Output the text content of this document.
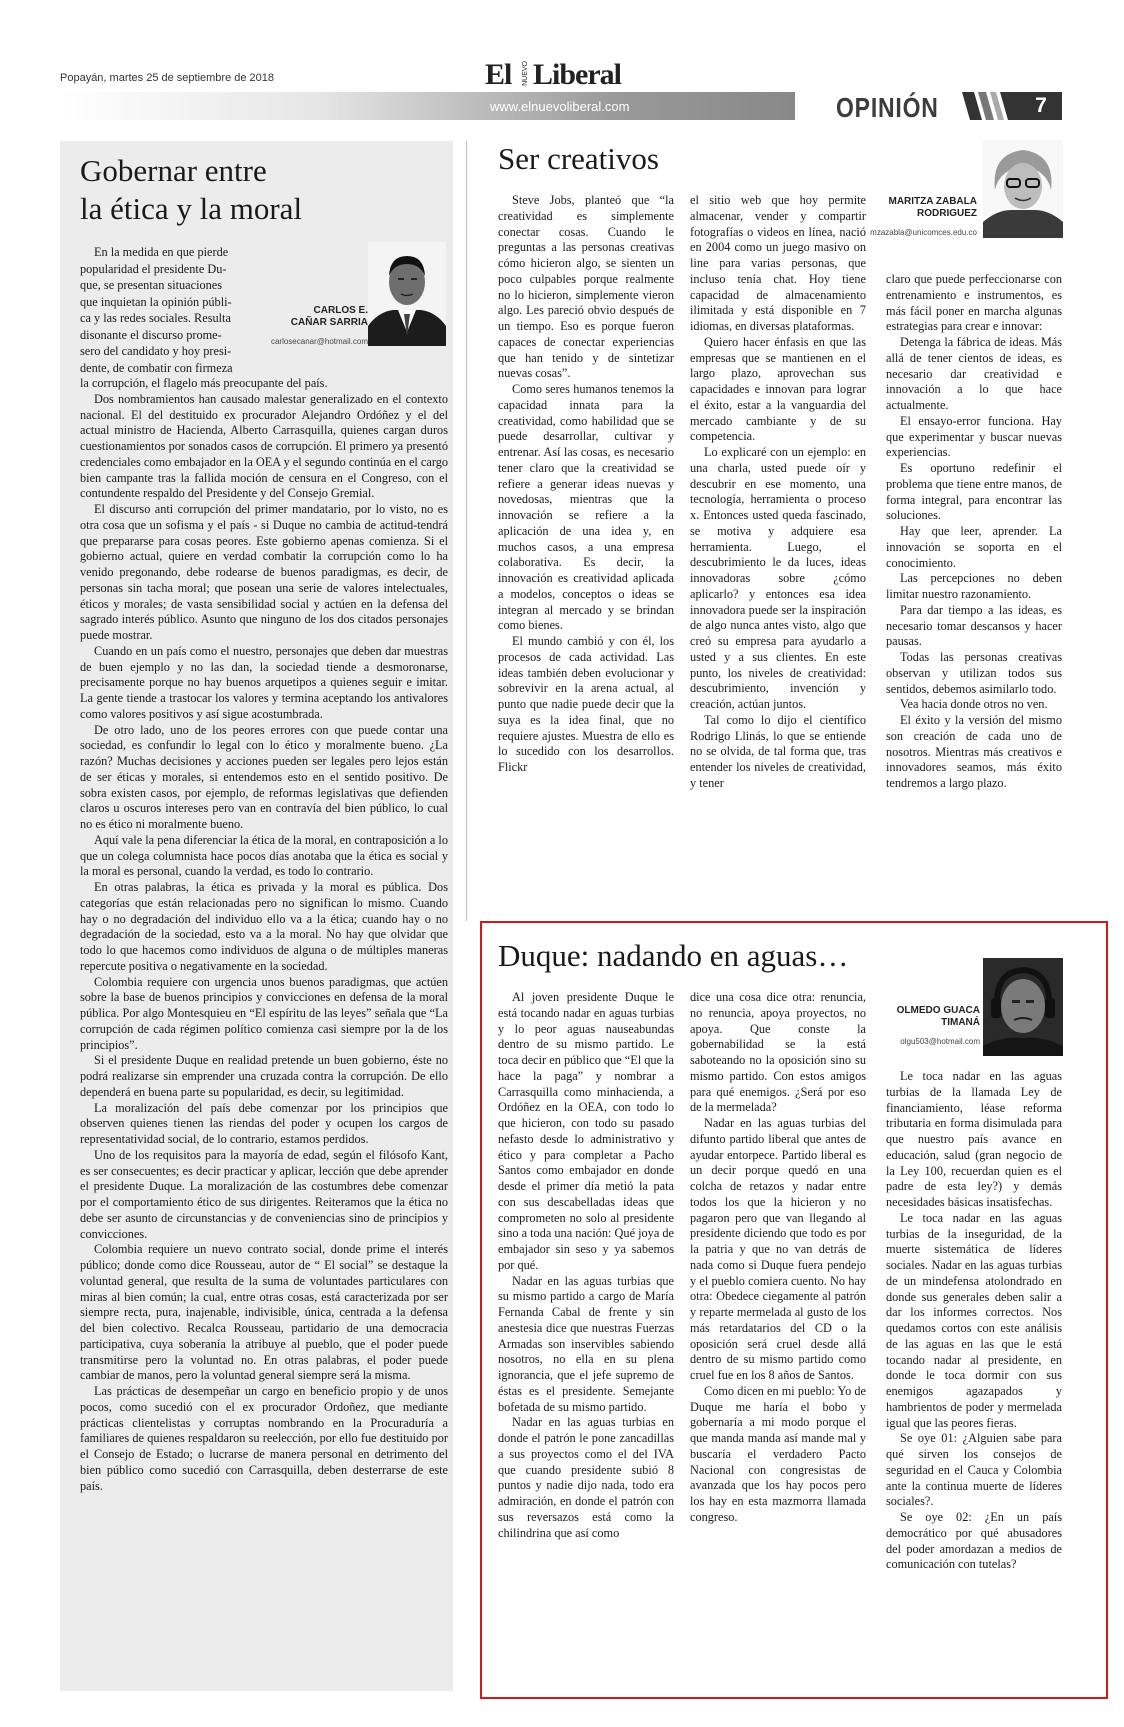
Popayán, martes 25 de septiembre de 2018	El NUEVO Liberal
www.elnuevoliberal.com	OPINIÓN	7
Gobernar entre
la ética y la moral
En la medida en que pierde
popularidad el presidente Du-
que, se presentan situaciones
que inquietan la opinión públi-
ca y las redes sociales. Resulta
disonante el discurso prome-
sero del candidato y hoy presi-
dente, de combatir con firmeza
CARLOS E.
CAÑAR SARRIA
carlosecanar@hotmail.com

la corrupción, el flagelo más preocupante del país.

Dos nombramientos han causado malestar generalizado en el contexto nacional. El del destituido ex procurador Alejandro Ordóñez y el del actual ministro de Hacienda, Alberto Carrasquilla, quienes cargan duros cuestionamientos por sonados casos de corrupción. El primero ya presentó credenciales como embajador en la OEA y el segundo continúa en el cargo bien campante tras la fallida moción de censura en el Congreso, con el contundente respaldo del Presidente y del Consejo Gremial.

El discurso anti corrupción del primer mandatario, por lo visto, no es otra cosa que un sofisma y el país - si Duque no cambia de actitud-tendrá que prepararse para cosas peores. Este gobierno apenas comienza. Si el gobierno actual, quiere en verdad combatir la corrupción como lo ha venido pregonando, debe rodearse de buenos paradigmas, es decir, de personas sin tacha moral; que posean una serie de valores intelectuales, éticos y morales; de vasta sensibilidad social y actúen en la defensa del sagrado interés público. Asunto que ninguno de los dos citados personajes puede mostrar.

Cuando en un país como el nuestro, personajes que deben dar muestras de buen ejemplo y no las dan, la sociedad tiende a desmoronarse, precisamente porque no hay buenos arquetipos a quienes seguir e imitar. La gente tiende a trastocar los valores y termina aceptando los antivalores como valores positivos y así sigue acostumbrada.

De otro lado, uno de los peores errores con que puede contar una sociedad, es confundir lo legal con lo ético y moralmente bueno. ¿La razón? Muchas decisiones y acciones pueden ser legales pero lejos están de ser éticas y morales, si entendemos esto en el sentido positivo. De sobra existen casos, por ejemplo, de reformas legislativas que defienden claros u oscuros intereses pero van en contravía del bien público, lo cual no es ético ni moralmente bueno.

Aquí vale la pena diferenciar la ética de la moral, en contraposición a lo que un colega columnista hace pocos días anotaba que la ética es social y la moral es personal, cuando la verdad, es todo lo contrario.

En otras palabras, la ética es privada y la moral es pública. Dos categorías que están relacionadas pero no significan lo mismo. Cuando hay o no degradación del individuo ello va a la ética; cuando hay o no degradación de la sociedad, esto va a la moral. No hay que olvidar que todo lo que hacemos como individuos de alguna o de múltiples maneras repercute positiva o negativamente en la sociedad.

Colombia requiere con urgencia unos buenos paradigmas, que actúen sobre la base de buenos principios y convicciones en defensa de la moral pública. Por algo Montesquieu en “El espíritu de las leyes” señala que “La corrupción de cada régimen político comienza casi siempre por la de los principios”.

Si el presidente Duque en realidad pretende un buen gobierno, éste no podrá realizarse sin emprender una cruzada contra la corrupción. De ello dependerá en buena parte su popularidad, es decir, su legitimidad.

La moralización del país debe comenzar por los principios que observen quienes tienen las riendas del poder y ocupen los cargos de representatividad social, de lo contrario, estamos perdidos.

Uno de los requisitos para la mayoría de edad, según el filósofo Kant, es ser consecuentes; es decir practicar y aplicar, lección que debe aprender el presidente Duque. La moralización de las costumbres debe comenzar por el comportamiento ético de sus dirigentes. Reiteramos que la ética no debe ser asunto de circunstancias y de conveniencias sino de principios y convicciones.

Colombia requiere un nuevo contrato social, donde prime el interés público; donde como dice Rousseau, autor de “ El social” se destaque la voluntad general, que resulta de la suma de voluntades particulares con miras al bien común; la cual, entre otras cosas, está caracterizada por ser siempre recta, pura, inajenable, indivisible, única, centrada a la defensa del bien colectivo. Recalca Rousseau, partidario de una democracia participativa, cuya soberanía la atribuye al pueblo, que el poder puede transmitirse pero la voluntad no. En otras palabras, el poder puede cambiar de manos, pero la voluntad general siempre será la misma.

Las prácticas de desempeñar un cargo en beneficio propio y de unos pocos, como sucedió con el ex procurador Ordoñez, que mediante prácticas clientelistas y corruptas nombrando en la Procuraduría a familiares de quienes respaldaron su reelección, por ello fue destituido por el Consejo de Estado; o lucrarse de manera personal en detrimento del bien público como sucedió con Carrasquilla, deben desterrarse de este país.

Ser creativos
MARITZA ZABALA
RODRIGUEZ
mzazabla@unicomces.edu.co

Steve Jobs, planteó que “la creatividad es simplemente conectar cosas. Cuando le preguntas a las personas creativas cómo hicieron algo, se sienten un poco culpables porque realmente no lo hicieron, simplemente vieron algo. Les pareció obvio después de un tiempo. Eso es porque fueron capaces de conectar experiencias que han tenido y de sintetizar nuevas cosas”.

Como seres humanos tenemos la capacidad innata para la creatividad, como habilidad que se puede desarrollar, cultivar y entrenar. Así las cosas, es necesario tener claro que la creatividad se refiere a generar ideas nuevas y novedosas, mientras que la innovación se refiere a la aplicación de una idea y, en muchos casos, a una empresa colaborativa. Es decir, la innovación es creatividad aplicada a modelos, conceptos o ideas se integran al mercado y se brindan como bienes.

El mundo cambió y con él, los procesos de cada actividad. Las ideas también deben evolucionar y sobrevivir en la arena actual, al punto que nadie puede decir que la suya es la idea final, que no requiere ajustes. Muestra de ello es lo sucedido con los desarrollos. Flickr

el sitio web que hoy permite almacenar, vender y compartir fotografías o videos en línea, nació en 2004 como un juego masivo on line para varias personas, que incluso tenía chat. Hoy tiene capacidad de almacenamiento ilimitada y está disponible en 7 idiomas, en diversas plataformas.

Quiero hacer énfasis en que las empresas que se mantienen en el largo plazo, aprovechan sus capacidades e innovan para lograr el éxito, estar a la vanguardia del mercado cambiante y de su competencia.

Lo explicaré con un ejemplo: en una charla, usted puede oír y descubrir en ese momento, una tecnología, herramienta o proceso x. Entonces usted queda fascinado, se motiva y adquiere esa herramienta. Luego, el descubrimiento le da luces, ideas innovadoras sobre ¿cómo aplicarlo? y entonces esa idea innovadora puede ser la inspiración de algo nunca antes visto, algo que creó su empresa para ayudarlo a usted y a sus clientes. En este punto, los niveles de creatividad: descubrimiento, invención y creación, actúan juntos.

Tal como lo dijo el científico Rodrigo Llinás, lo que se entiende no se olvida, de tal forma que, tras entender los niveles de creatividad, y tener

claro que puede perfeccionarse con entrenamiento e instrumentos, es más fácil poner en marcha algunas estrategias para crear e innovar:

Detenga la fábrica de ideas. Más allá de tener cientos de ideas, es necesario dar creatividad e innovación a lo que hace actualmente.

El ensayo-error funciona. Hay que experimentar y buscar nuevas experiencias.

Es oportuno redefinir el problema que tiene entre manos, de forma integral, para encontrar las soluciones.

Hay que leer, aprender. La innovación se soporta en el conocimiento.

Las percepciones no deben limitar nuestro razonamiento.

Para dar tiempo a las ideas, es necesario tomar descansos y hacer pausas.

Todas las personas creativas observan y utilizan todos sus sentidos, debemos asimilarlo todo.

Vea hacia donde otros no ven.

El éxito y la versión del mismo son creación de cada uno de nosotros. Mientras más creativos e innovadores seamos, más éxito tendremos a largo plazo.

Duque: nadando en aguas…
OLMEDO GUACA
TIMANÁ
olgu503@hotmail.com

Al joven presidente Duque le está tocando nadar en aguas turbias y lo peor aguas nauseabundas dentro de su mismo partido. Le toca decir en público que “El que la hace la paga” y nombrar a Carrasquilla como minhacienda, a Ordóñez en la OEA, con todo lo que hicieron, con todo su pasado nefasto desde lo administrativo y ético y para completar a Pacho Santos como embajador en donde desde el primer día metió la pata con sus descabelladas ideas que comprometen no solo al presidente sino a toda una nación: Qué joya de embajador sin seso y ya sabemos por qué.

Nadar en las aguas turbias que su mismo partido a cargo de María Fernanda Cabal de frente y sin anestesia dice que nuestras Fuerzas Armadas son inservibles sabiendo nosotros, no ella en su plena ignorancia, que el jefe supremo de éstas es el presidente. Semejante bofetada de su mismo partido.

Nadar en las aguas turbias en donde el patrón le pone zancadillas a sus proyectos como el del IVA que cuando presidente subió 8 puntos y nadie dijo nada, todo era admiración, en donde el patrón con sus reversazos está como la chilindrina que así como

dice una cosa dice otra: renuncia, no renuncia, apoya proyectos, no apoya. Que conste la gobernabilidad se la está saboteando no la oposición sino su mismo partido. Con estos amigos para qué enemigos. ¿Será por eso de la mermelada?

Nadar en las aguas turbias del difunto partido liberal que antes de ayudar entorpece. Partido liberal es un decir porque quedó en una colcha de retazos y nadar entre todos los que la hicieron y no pagaron pero que van llegando al presidente diciendo que todo es por la patria y que no van detrás de nada como si Duque fuera pendejo y el pueblo comiera cuento. No hay otra: Obedece ciegamente al patrón y reparte mermelada al gusto de los más retardatarios del CD o la oposición será cruel desde allá dentro de su mismo partido como cruel fue en los 8 años de Santos.

Como dicen en mi pueblo: Yo de Duque me haría el bobo y gobernaría a mi modo porque el que manda manda así mande mal y buscaría el verdadero Pacto Nacional con congresistas de avanzada que los hay pocos pero los hay en esta mazmorra llamada congreso.

Le toca nadar en las aguas turbias de la llamada Ley de financiamiento, léase reforma tributaria en forma disimulada para que nuestro país avance en educación, salud (gran negocio de la Ley 100, recuerdan quien es el padre de esta ley?) y demás necesidades básicas insatisfechas.

Le toca nadar en las aguas turbias de la inseguridad, de la muerte sistemática de líderes sociales. Nadar en las aguas turbias de un mindefensa atolondrado en donde sus generales deben salir a dar los informes correctos. Nos quedamos cortos con este análisis de las aguas en las que le está tocando nadar al presidente, en donde le toca dormir con sus enemigos agazapados y hambrientos de poder y mermelada igual que las peores fieras.

Se oye 01: ¿Alguien sabe para qué sirven los consejos de seguridad en el Cauca y Colombia ante la continua muerte de líderes sociales?.

Se oye 02: ¿En un país democrático por qué abusadores del poder amordazan a medios de comunicación con tutelas?
